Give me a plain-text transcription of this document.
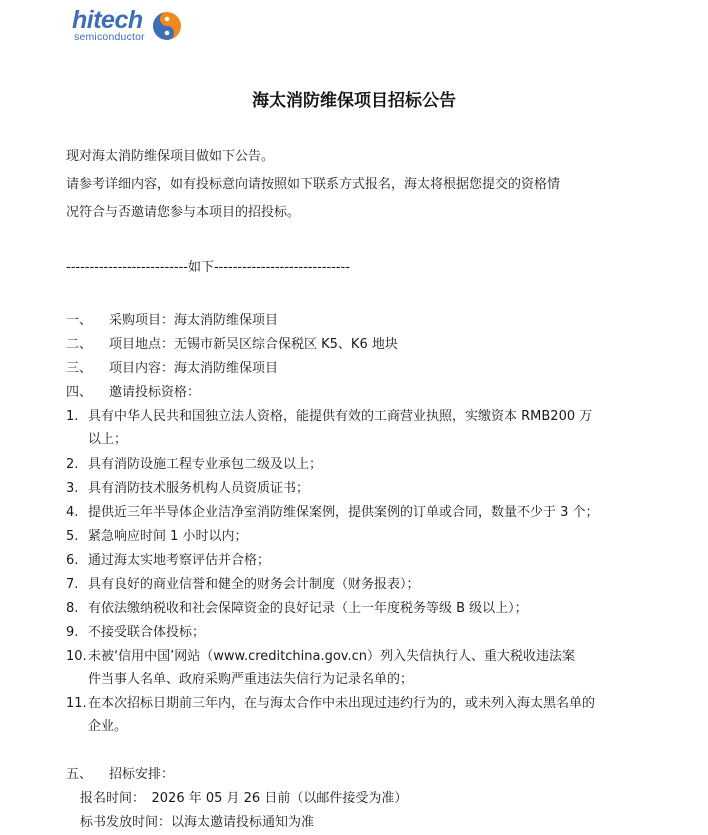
hitech
semiconductor
海太消防维保项目招标公告
现对海太消防维保项目做如下公告。
请参考详细内容，如有投标意向请按照如下联系方式报名，海太将根据您提交的资格情
况符合与否邀请您参与本项目的招投标。
--------------------------如下-----------------------------
一、 采购项目：海太消防维保项目
二、 项目地点：无锡市新吴区综合保税区 K5、K6 地块
三、 项目内容：海太消防维保项目
四、 邀请投标资格：
1. 具有中华人民共和国独立法人资格，能提供有效的工商营业执照，实缴资本 RMB200 万
以上；
2. 具有消防设施工程专业承包二级及以上；
3. 具有消防技术服务机构人员资质证书；
4. 提供近三年半导体企业洁净室消防维保案例，提供案例的订单或合同，数量不少于 3 个；
5. 紧急响应时间 1 小时以内；
6. 通过海太实地考察评估并合格；
7. 具有良好的商业信誉和健全的财务会计制度（财务报表）；
8. 有依法缴纳税收和社会保障资金的良好记录（上一年度税务等级 B 级以上）；
9. 不接受联合体投标；
10. 未被‘信用中国’网站（www.creditchina.gov.cn）列入失信执行人、重大税收违法案
件当事人名单、政府采购严重违法失信行为记录名单的；
11. 在本次招标日期前三年内，在与海太合作中未出现过违约行为的，或未列入海太黑名单的
企业。
五、 招标安排：
报名时间：　2026 年 05 月 26 日前（以邮件接受为准）
标书发放时间：以海太邀请投标通知为准
